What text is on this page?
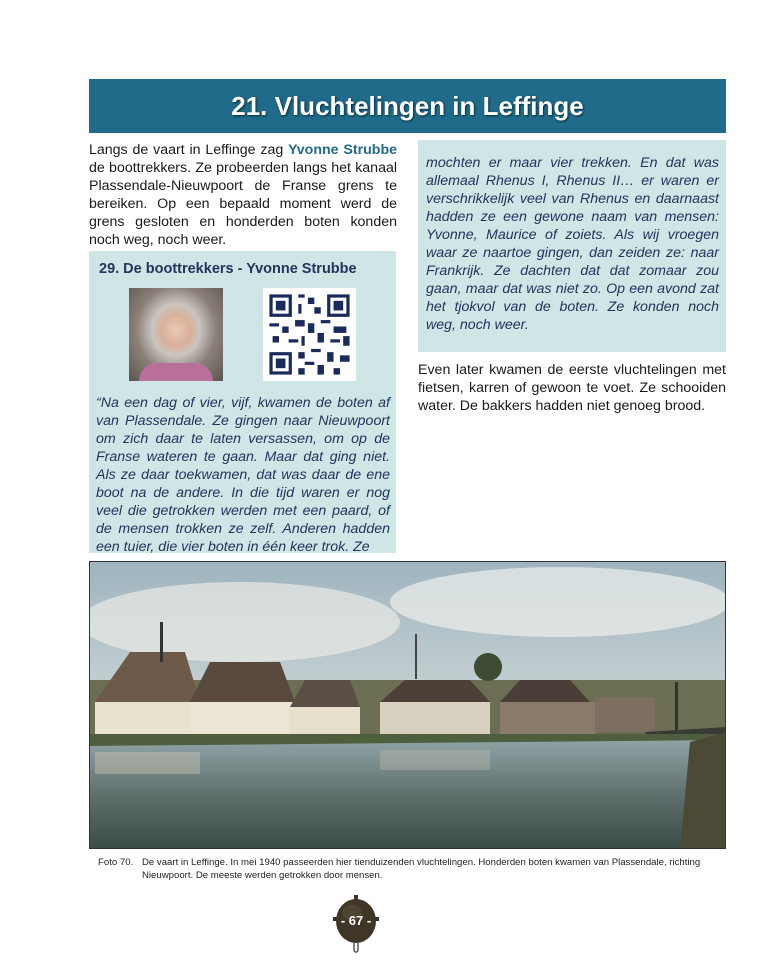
21. Vluchtelingen in Leffinge
Langs de vaart in Leffinge zag Yvonne Strubbe de boottrekkers. Ze probeerden langs het kanaal Plassendale-Nieuwpoort de Franse grens te bereiken. Op een bepaald moment werd de grens gesloten en honderden boten konden noch weg, noch weer.
29. De boottrekkers - Yvonne Strubbe
“Na een dag of vier, vijf, kwamen de boten af van Plassendale. Ze gingen naar Nieuwpoort om zich daar te laten versassen, om op de Franse wateren te gaan. Maar dat ging niet. Als ze daar toekwamen, dat was daar de ene boot na de andere. In die tijd waren er nog veel die getrokken werden met een paard, of de mensen trokken ze zelf. Anderen hadden een tuier, die vier boten in één keer trok. Ze
mochten er maar vier trekken. En dat was allemaal Rhenus I, Rhenus II… er waren er verschrikkelijk veel van Rhenus en daarnaast hadden ze een gewone naam van mensen: Yvonne, Maurice of zoiets. Als wij vroegen waar ze naartoe gingen, dan zeiden ze: naar Frankrijk. Ze dachten dat dat zomaar zou gaan, maar dat was niet zo. Op een avond zat het tjokvol van de boten. Ze konden noch weg, noch weer.
Even later kwamen de eerste vluchtelingen met fietsen, karren of gewoon te voet. Ze schooiden water. De bakkers hadden niet genoeg brood.
Foto 70. De vaart in Leffinge. In mei 1940 passeerden hier tienduizenden vluchtelingen. Honderden boten kwamen van Plassendale, richting Nieuwpoort. De meeste werden getrokken door mensen.
- 67 -
